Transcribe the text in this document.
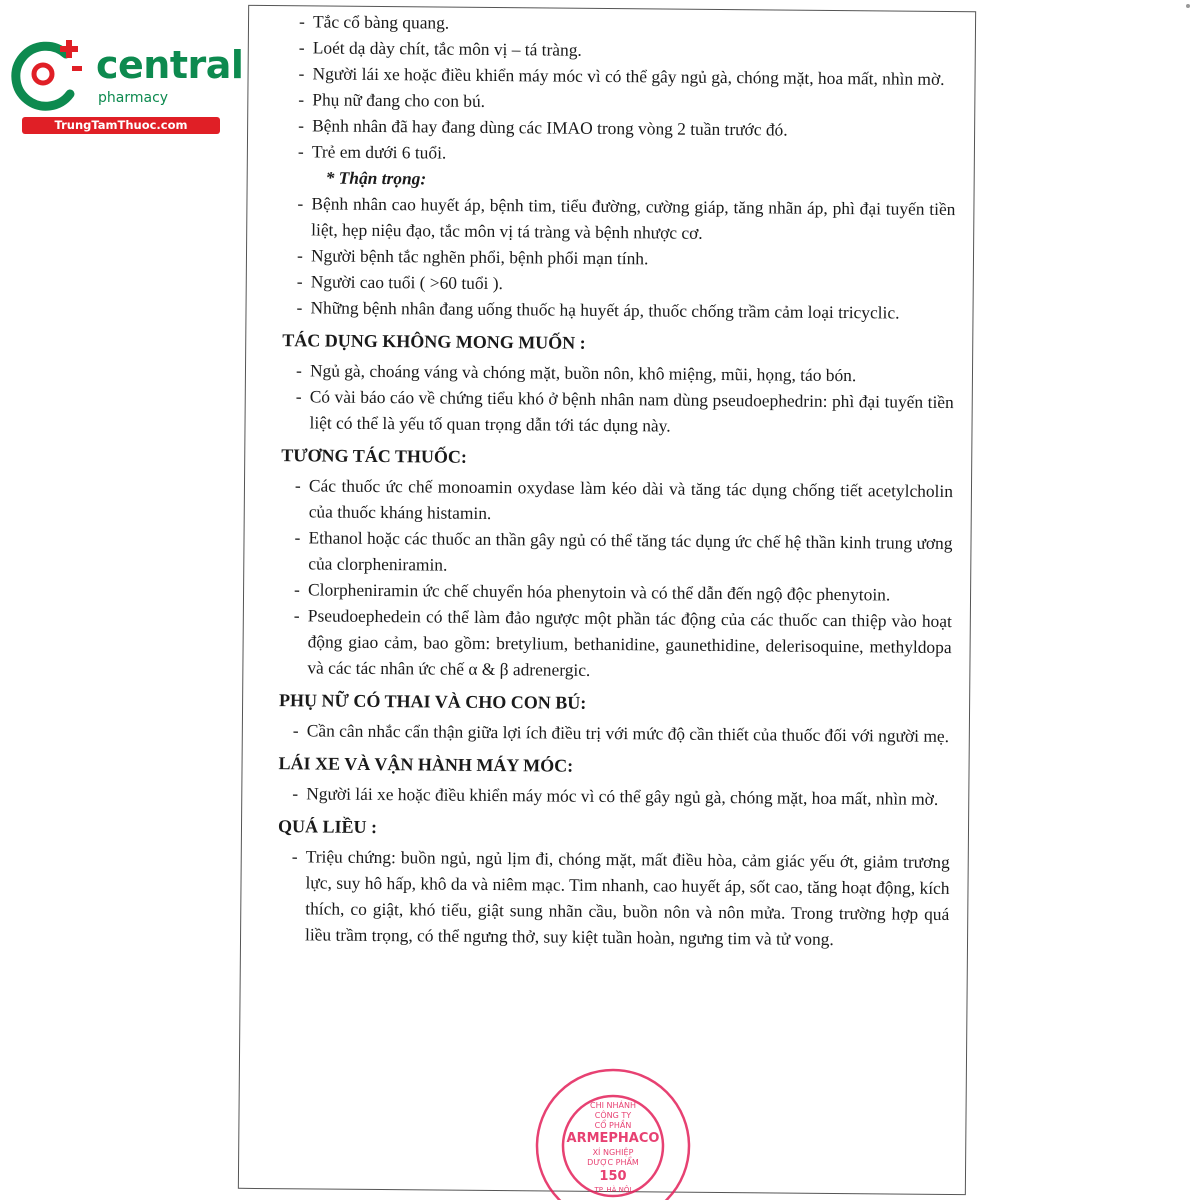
central
pharmacy
TrungTamThuoc.com
- Tắc cổ bàng quang.
- Loét dạ dày chít, tắc môn vị – tá tràng.
- Người lái xe hoặc điều khiển máy móc vì có thể gây ngủ gà, chóng mặt, hoa mất, nhìn mờ.
- Phụ nữ đang cho con bú.
- Bệnh nhân đã hay đang dùng các IMAO trong vòng 2 tuần trước đó.
- Trẻ em dưới 6 tuổi.
* Thận trọng:
- Bệnh nhân cao huyết áp, bệnh tim, tiểu đường, cường giáp, tăng nhãn áp, phì đại tuyến tiền liệt, hẹp niệu đạo, tắc môn vị tá tràng và bệnh nhược cơ.
- Người bệnh tắc nghẽn phổi, bệnh phổi mạn tính.
- Người cao tuổi ( >60 tuổi ).
- Những bệnh nhân đang uống thuốc hạ huyết áp, thuốc chống trầm cảm loại tricyclic.
TÁC DỤNG KHÔNG MONG MUỐN :
- Ngủ gà, choáng váng và chóng mặt, buồn nôn, khô miệng, mũi, họng, táo bón.
- Có vài báo cáo về chứng tiểu khó ở bệnh nhân nam dùng pseudoephedrin: phì đại tuyến tiền liệt có thể là yếu tố quan trọng dẫn tới tác dụng này.
TƯƠNG TÁC THUỐC:
- Các thuốc ức chế monoamin oxydase làm kéo dài và tăng tác dụng chống tiết acetylcholin của thuốc kháng histamin.
- Ethanol hoặc các thuốc an thần gây ngủ có thể tăng tác dụng ức chế hệ thần kinh trung ương của clorpheniramin.
- Clorpheniramin ức chế chuyển hóa phenytoin và có thể dẫn đến ngộ độc phenytoin.
- Pseudoephedein có thể làm đảo ngược một phần tác động của các thuốc can thiệp vào hoạt động giao cảm, bao gồm: bretylium, bethanidine, gaunethidine, delerisoquine, methyldopa và các tác nhân ức chế α & β adrenergic.
PHỤ NỮ CÓ THAI VÀ CHO CON BÚ:
- Cần cân nhắc cẩn thận giữa lợi ích điều trị với mức độ cần thiết của thuốc đối với người mẹ.
LÁI XE VÀ VẬN HÀNH MÁY MÓC:
- Người lái xe hoặc điều khiển máy móc vì có thể gây ngủ gà, chóng mặt, hoa mất, nhìn mờ.
QUÁ LIỀU :
- Triệu chứng: buồn ngủ, ngủ lịm đi, chóng mặt, mất điều hòa, cảm giác yếu ớt, giảm trương lực, suy hô hấp, khô da và niêm mạc. Tim nhanh, cao huyết áp, sốt cao, tăng hoạt động, kích thích, co giật, khó tiểu, giật sung nhãn cầu, buồn nôn và nôn mửa. Trong trường hợp quá liều trầm trọng, có thể ngưng thở, suy kiệt tuần hoàn, ngưng tim và tử vong.
CHI NHÁNH
CÔNG TY
CỔ PHẦN
ARMEPHACO
XÍ NGHIỆP
DƯỢC PHẨM
150
TP. HÀ NỘI
